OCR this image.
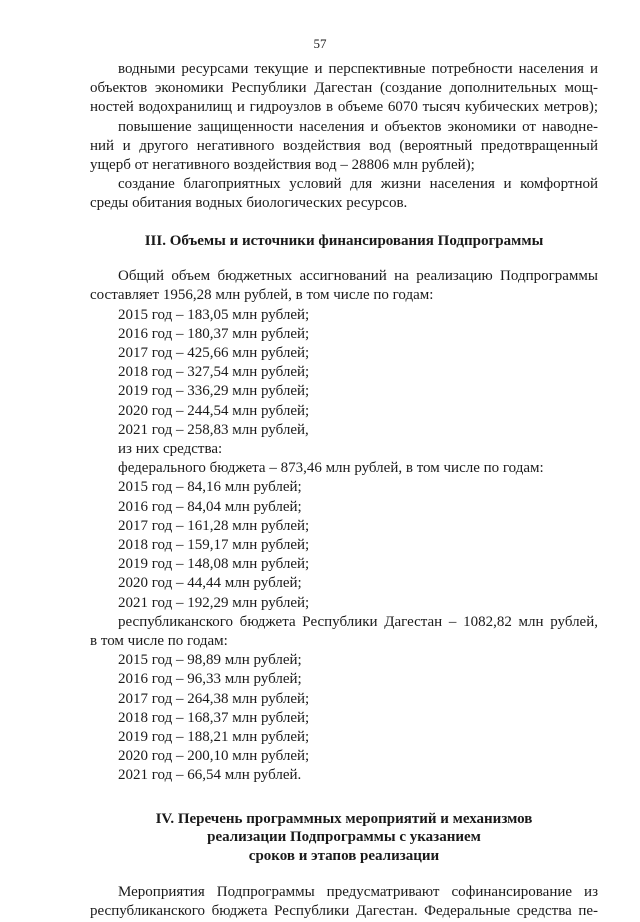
57

водными ресурсами текущие и перспективные потребности населения и

объектов экономики Республики Дагестан (создание дополнительных мощ-

ностей водохранилищ и гидроузлов в объеме 6070 тысяч кубических метров);

повышение защищенности населения и объектов экономики от наводне-

ний и другого негативного воздействия вод (вероятный предотвращенный

ущерб от негативного воздействия вод – 28806 млн рублей);

создание благоприятных условий для жизни населения и комфортной

среды обитания водных биологических ресурсов.

III. Объемы и источники финансирования Подпрограммы

Общий объем бюджетных ассигнований на реализацию Подпрограммы

составляет 1956,28 млн рублей, в том числе по годам:

2015 год – 183,05 млн рублей;

2016 год – 180,37 млн рублей;

2017 год – 425,66 млн рублей;

2018 год – 327,54 млн рублей;

2019 год – 336,29 млн рублей;

2020 год – 244,54 млн рублей;

2021 год – 258,83 млн рублей,

из них средства:

федерального бюджета – 873,46 млн рублей, в том числе по годам:

2015 год – 84,16 млн рублей;

2016 год – 84,04 млн рублей;

2017 год – 161,28 млн рублей;

2018 год – 159,17 млн рублей;

2019 год – 148,08 млн рублей;

2020 год – 44,44 млн рублей;

2021 год – 192,29 млн рублей;

республиканского бюджета Республики Дагестан – 1082,82 млн рублей,

в том числе по годам:

2015 год – 98,89 млн рублей;

2016 год – 96,33 млн рублей;

2017 год – 264,38 млн рублей;

2018 год – 168,37 млн рублей;

2019 год – 188,21 млн рублей;

2020 год – 200,10 млн рублей;

2021 год – 66,54 млн рублей.

IV. Перечень программных мероприятий и механизмов
реализации Подпрограммы с указанием
сроков и этапов реализации

Мероприятия Подпрограммы предусматривают софинансирование из

республиканского бюджета Республики Дагестан. Федеральные средства пе-
